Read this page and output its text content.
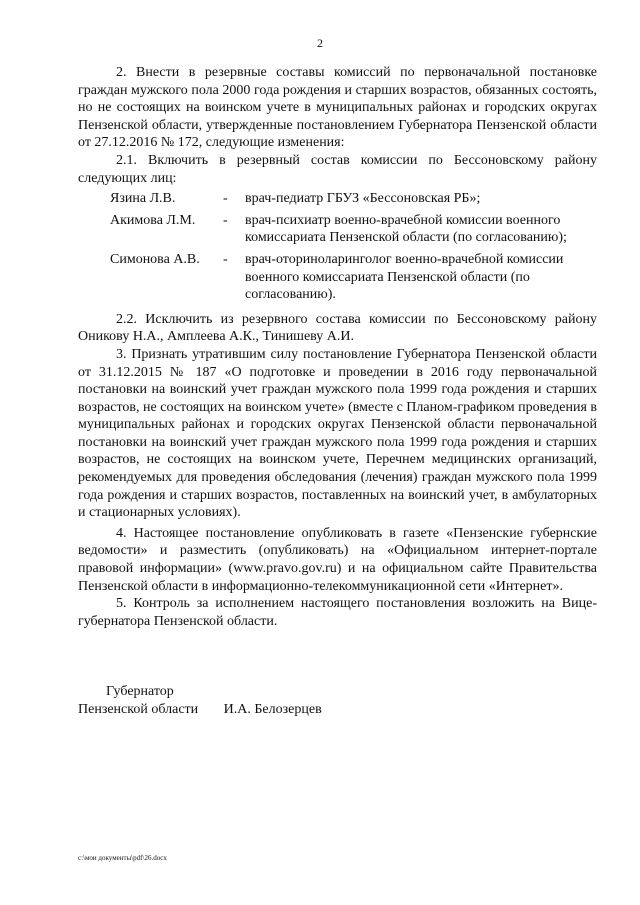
2

2. Внести в резервные составы комиссий по первоначальной постановке граждан мужского пола 2000 года рождения и старших возрастов, обязанных состоять, но не состоящих на воинском учете в муниципальных районах и городских округах Пензенской области, утвержденные постановлением Губернатора Пензенской области от 27.12.2016 № 172, следующие изменения:

2.1. Включить в резервный состав комиссии по Бессоновскому району следующих лиц:

Язина Л.В.	-	врач-педиатр ГБУЗ «Бессоновская РБ»;
Акимова Л.М.	-	врач-психиатр военно-врачебной комиссии военного комиссариата Пензенской области (по согласованию);
Симонова А.В.	-	врач-оториноларинголог военно-врачебной комиссии военного комиссариата Пензенской области (по согласованию).

2.2. Исключить из резервного состава комиссии по Бессоновскому району Оникову Н.А., Амплеева А.К., Тинишеву А.И.

3. Признать утратившим силу постановление Губернатора Пензенской области от 31.12.2015 № 187 «О подготовке и проведении в 2016 году первоначальной постановки на воинский учет граждан мужского пола 1999 года рождения и старших возрастов, не состоящих на воинском учете» (вместе с Планом-графиком проведения в муниципальных районах и городских округах Пензенской области первоначальной постановки на воинский учет граждан мужского пола 1999 года рождения и старших возрастов, не состоящих на воинском учете, Перечнем медицинских организаций, рекомендуемых для проведения обследования (лечения) граждан мужского пола 1999 года рождения и старших возрастов, поставленных на воинский учет, в амбулаторных и стационарных условиях).

4. Настоящее постановление опубликовать в газете «Пензенские губернские ведомости» и разместить (опубликовать) на «Официальном интернет-портале правовой информации» (www.pravo.gov.ru) и на официальном сайте Правительства Пензенской области в информационно-телекоммуникационной сети «Интернет».

5. Контроль за исполнением настоящего постановления возложить на Вице-губернатора Пензенской области.

Губернатор
Пензенской области И.А. Белозерцев
c:\мои документы\pdf\26.docx
